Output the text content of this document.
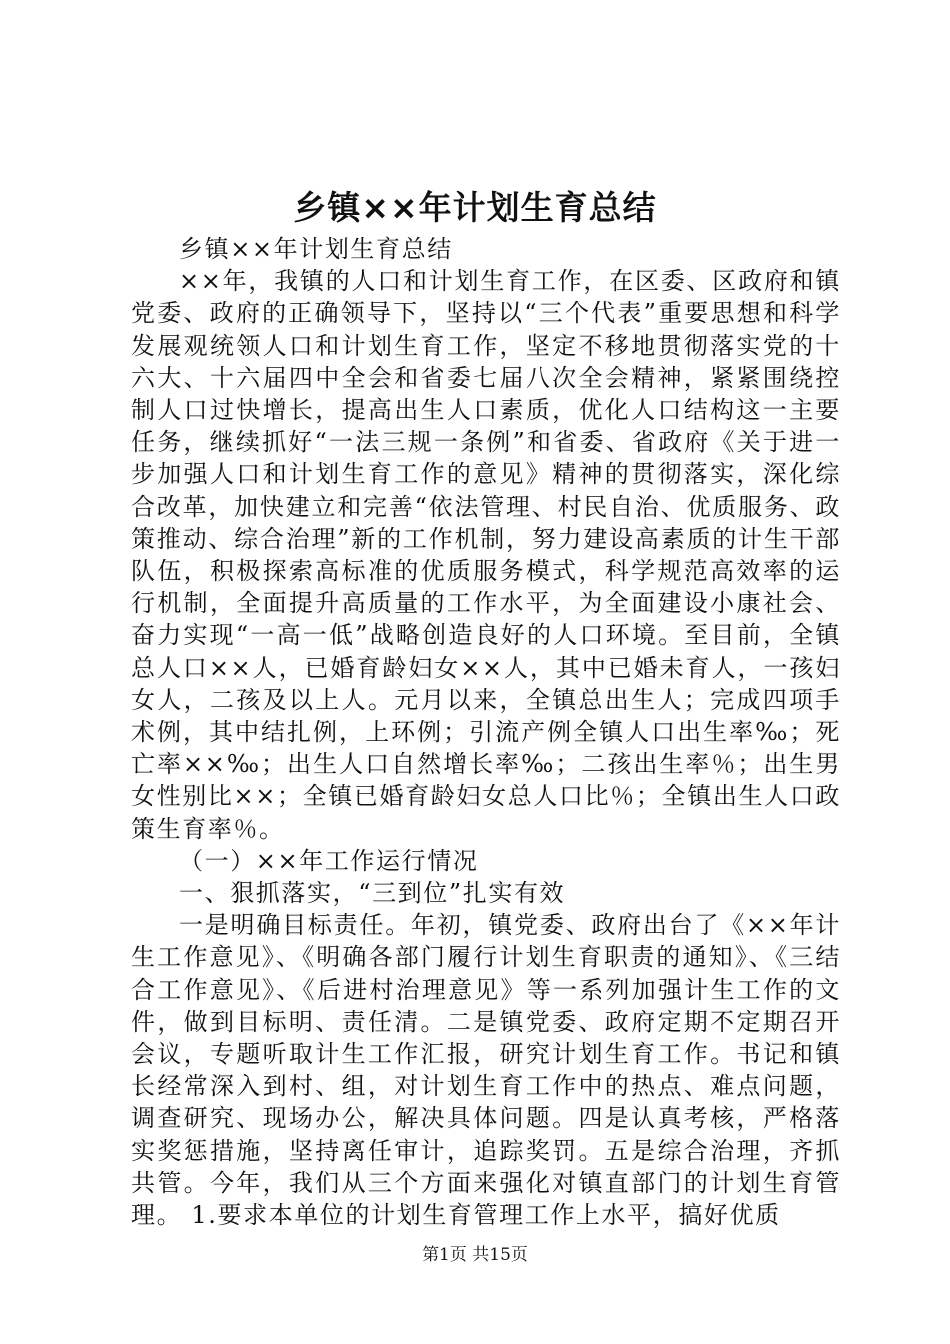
乡镇××年计划生育总结

乡镇××年计划生育总结

××年，我镇的人口和计划生育工作，在区委、区政府和镇党委、政府的正确领导下，坚持以“三个代表”重要思想和科学发展观统领人口和计划生育工作，坚定不移地贯彻落实党的十六大、十六届四中全会和省委七届八次全会精神，紧紧围绕控制人口过快增长，提高出生人口素质，优化人口结构这一主要任务，继续抓好“一法三规一条例”和省委、省政府《关于进一步加强人口和计划生育工作的意见》精神的贯彻落实，深化综合改革，加快建立和完善“依法管理、村民自治、优质服务、政策推动、综合治理”新的工作机制，努力建设高素质的计生干部队伍，积极探索高标准的优质服务模式，科学规范高效率的运行机制，全面提升高质量的工作水平，为全面建设小康社会、奋力实现“一高一低”战略创造良好的人口环境。至目前，全镇总人口××人，已婚育龄妇女××人，其中已婚未育人，一孩妇女人，二孩及以上人。元月以来，全镇总出生人；完成四项手术例，其中结扎例，上环例；引流产例全镇人口出生率‰；死亡率××‰；出生人口自然增长率‰；二孩出生率％；出生男女性别比××；全镇已婚育龄妇女总人口比％；全镇出生人口政策生育率％。

（一）××年工作运行情况

一、狠抓落实，“三到位”扎实有效

一是明确目标责任。年初，镇党委、政府出台了《××年计生工作意见》、《明确各部门履行计划生育职责的通知》、《三结合工作意见》、《后进村治理意见》等一系列加强计生工作的文件，做到目标明、责任清。二是镇党委、政府定期不定期召开会议，专题听取计生工作汇报，研究计划生育工作。书记和镇长经常深入到村、组，对计划生育工作中的热点、难点问题，调查研究、现场办公，解决具体问题。四是认真考核，严格落实奖惩措施，坚持离任审计，追踪奖罚。五是综合治理，齐抓共管。今年，我们从三个方面来强化对镇直部门的计划生育管理。 1.要求本单位的计划生育管理工作上水平，搞好优质

第1页 共15页
